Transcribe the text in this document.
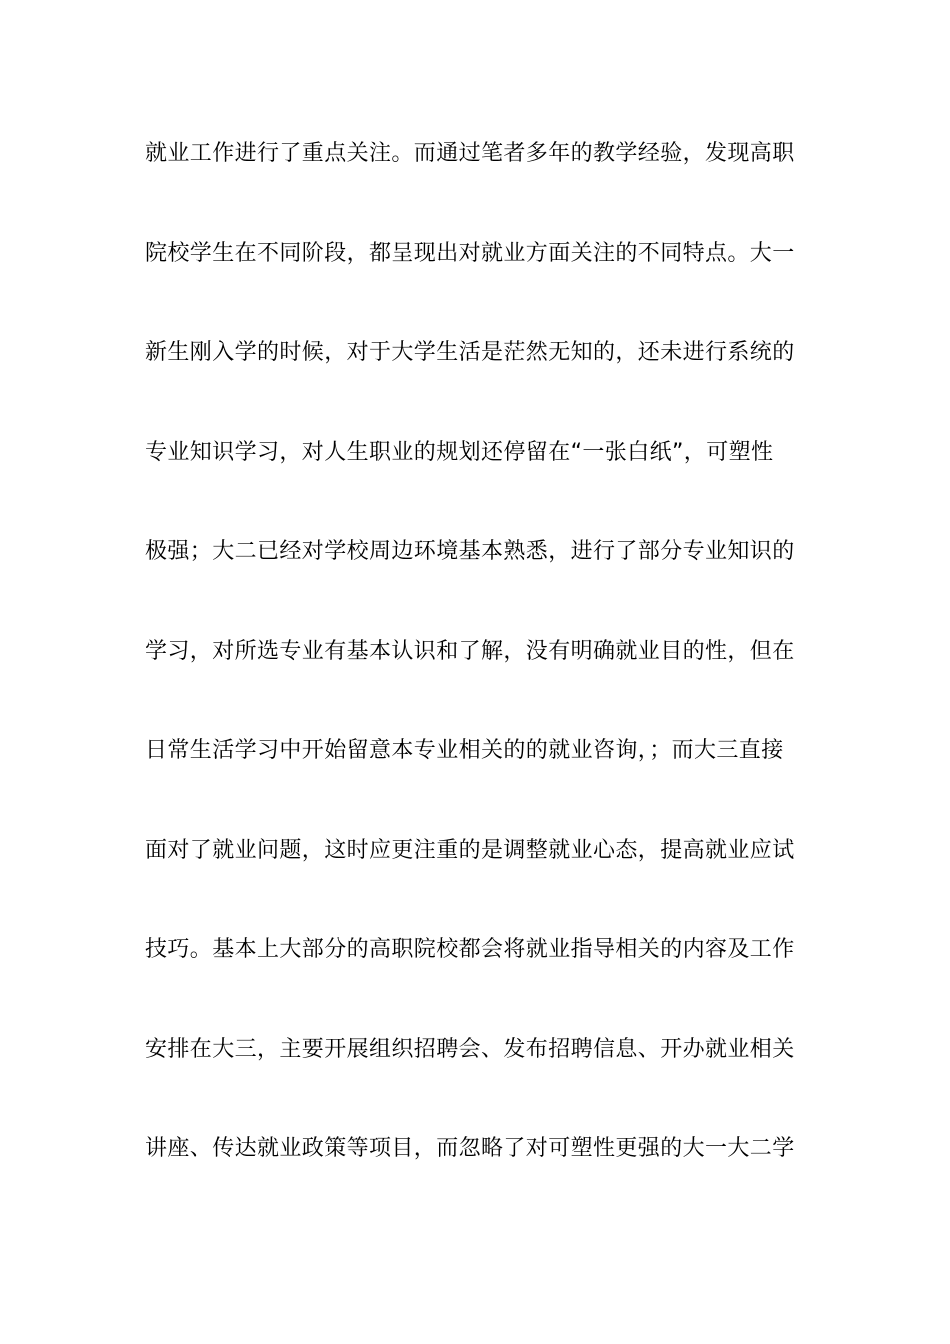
就业工作进行了重点关注。而通过笔者多年的教学经验，发现高职
院校学生在不同阶段，都呈现出对就业方面关注的不同特点。大一
新生刚入学的时候，对于大学生活是茫然无知的，还未进行系统的
专业知识学习，对人生职业的规划还停留在“一张白纸”，可塑性
极强；大二已经对学校周边环境基本熟悉，进行了部分专业知识的
学习，对所选专业有基本认识和了解，没有明确就业目的性，但在
日常生活学习中开始留意本专业相关的的就业咨询，；而大三直接
面对了就业问题，这时应更注重的是调整就业心态，提高就业应试
技巧。基本上大部分的高职院校都会将就业指导相关的内容及工作
安排在大三，主要开展组织招聘会、发布招聘信息、开办就业相关
讲座、传达就业政策等项目，而忽略了对可塑性更强的大一大二学
